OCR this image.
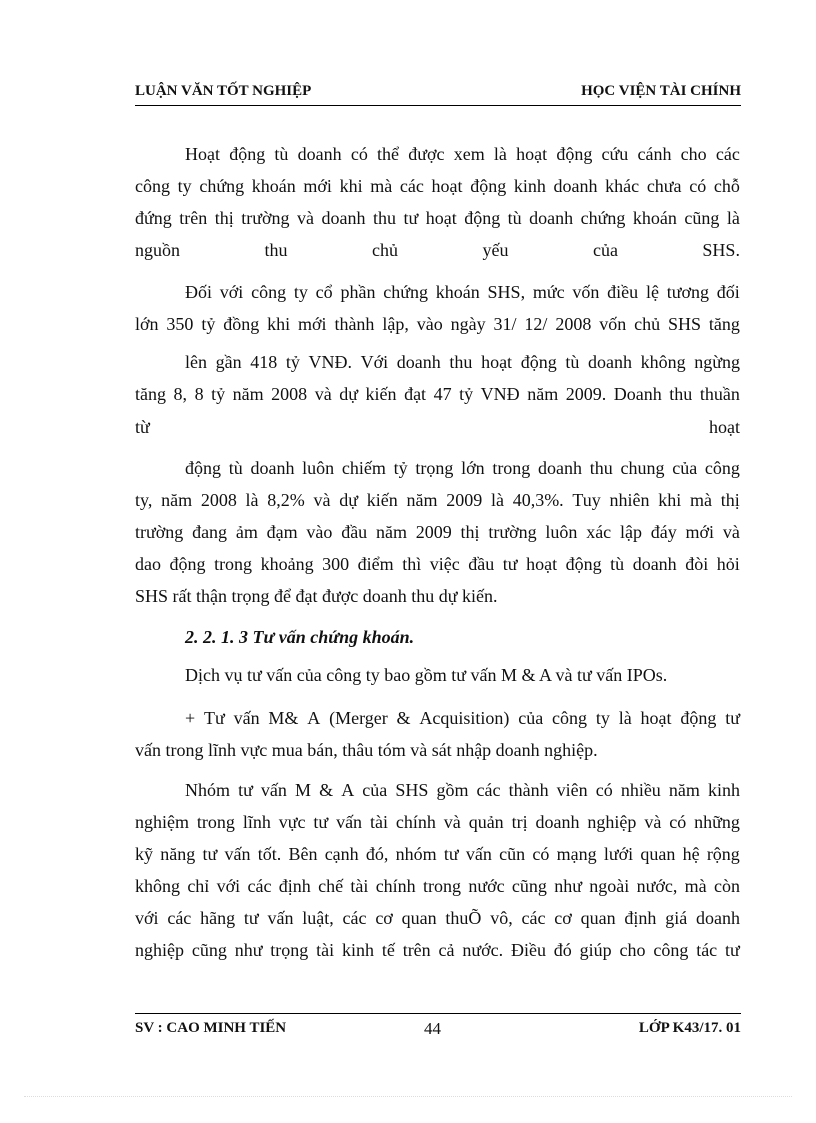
LUẬN VĂN TỐT NGHIỆP	HỌC VIỆN TÀI CHÍNH
Hoạt động tù doanh có thể được xem là hoạt động cứu cánh cho các
công ty chứng khoán mới khi mà các hoạt động kinh doanh khác chưa có chỗ
đứng trên thị trường và doanh thu tư hoạt động tù doanh chứng khoán cũng là
nguồn	thu	chủ	yếu	của	SHS.
Đối với công ty cổ phần chứng khoán SHS, mức vốn điều lệ tương đối
lớn 350 tỷ đồng khi mới thành lập, vào ngày 31/ 12/ 2008 vốn chủ SHS tăng
lên gần 418 tỷ VNĐ. Với doanh thu hoạt động tù doanh không ngừng
tăng 8, 8 tỷ năm 2008 và dự kiến đạt 47 tỷ VNĐ năm 2009. Doanh thu thuần
từ	hoạt
động tù doanh luôn chiếm tỷ trọng lớn trong doanh thu chung của công
ty, năm 2008 là 8,2% và dự kiến năm 2009 là 40,3%. Tuy nhiên khi mà thị
trường đang ảm đạm vào đầu năm 2009 thị trường luôn xác lập đáy mới và
dao động trong khoảng 300 điểm thì việc đầu tư hoạt động tù doanh đòi hỏi
SHS rất thận trọng để đạt được doanh thu dự kiến.
2. 2. 1. 3 Tư vấn chứng khoán.
Dịch vụ tư vấn của công ty bao gồm tư vấn M & A và tư vấn IPOs.
+ Tư vấn M& A (Merger & Acquisition) của công ty là hoạt động tư
vấn trong lĩnh vực mua bán, thâu tóm và sát nhập doanh nghiệp.
Nhóm tư vấn M & A của SHS gồm các thành viên có nhiều năm kinh
nghiệm trong lĩnh vực tư vấn tài chính và quản trị doanh nghiệp và có những
kỹ năng tư vấn tốt. Bên cạnh đó, nhóm tư vấn cũn có mạng lưới quan hệ rộng
không chỉ với các định chế tài chính trong nước cũng như ngoài nước, mà còn
với các hãng tư vấn luật, các cơ quan thuÕ vô, các cơ quan định giá doanh
nghiệp cũng như trọng tài kinh tế trên cả nước. Điều đó giúp cho công tác tư
SV : CAO MINH TIẾN	44	LỚP K43/17. 01
